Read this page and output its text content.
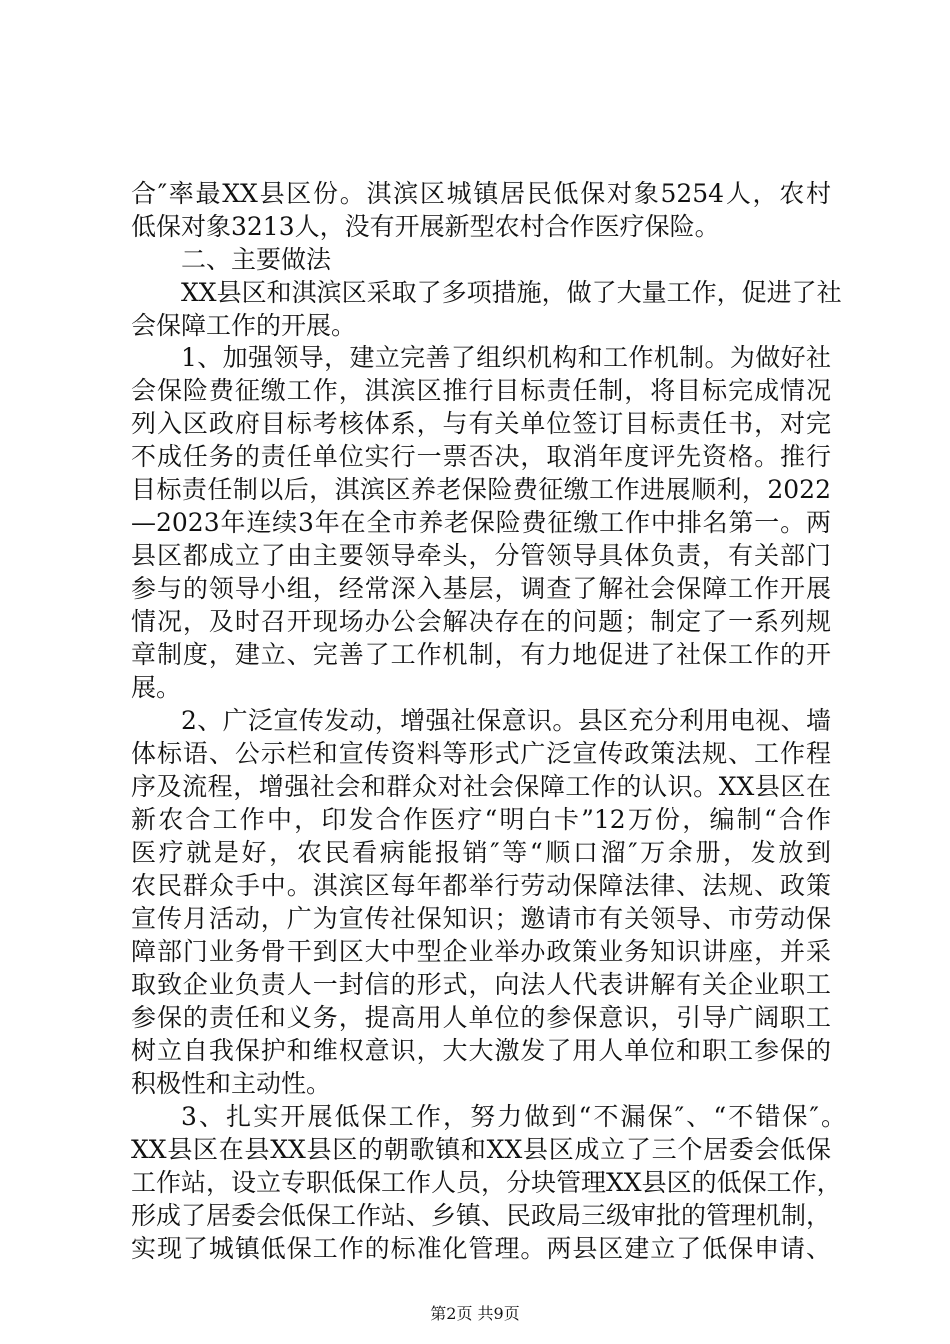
合″率最XX县区份。淇滨区城镇居民低保对象5254人，农村
低保对象3213人，没有开展新型农村合作医疗保险。
二、主要做法
XX县区和淇滨区采取了多项措施，做了大量工作，促进了社
会保障工作的开展。
1、加强领导，建立完善了组织机构和工作机制。为做好社
会保险费征缴工作，淇滨区推行目标责任制，将目标完成情况
列入区政府目标考核体系，与有关单位签订目标责任书，对完
不成任务的责任单位实行一票否决，取消年度评先资格。推行
目标责任制以后，淇滨区养老保险费征缴工作进展顺利，2022
—2023年连续3年在全市养老保险费征缴工作中排名第一。两
县区都成立了由主要领导牵头，分管领导具体负责，有关部门
参与的领导小组，经常深入基层，调查了解社会保障工作开展
情况，及时召开现场办公会解决存在的问题；制定了一系列规
章制度，建立、完善了工作机制，有力地促进了社保工作的开
展。
2、广泛宣传发动，增强社保意识。县区充分利用电视、墙
体标语、公示栏和宣传资料等形式广泛宣传政策法规、工作程
序及流程，增强社会和群众对社会保障工作的认识。XX县区在
新农合工作中，印发合作医疗“明白卡”12万份，编制“合作
医疗就是好，农民看病能报销″等“顺口溜″万余册，发放到
农民群众手中。淇滨区每年都举行劳动保障法律、法规、政策
宣传月活动，广为宣传社保知识；邀请市有关领导、市劳动保
障部门业务骨干到区大中型企业举办政策业务知识讲座，并采
取致企业负责人一封信的形式，向法人代表讲解有关企业职工
参保的责任和义务，提高用人单位的参保意识，引导广阔职工
树立自我保护和维权意识，大大激发了用人单位和职工参保的
积极性和主动性。
3、扎实开展低保工作，努力做到“不漏保″、“不错保″。
XX县区在县XX县区的朝歌镇和XX县区成立了三个居委会低保
工作站，设立专职低保工作人员，分块管理XX县区的低保工作，
形成了居委会低保工作站、乡镇、民政局三级审批的管理机制，
实现了城镇低保工作的标准化管理。两县区建立了低保申请、
第2页 共9页
